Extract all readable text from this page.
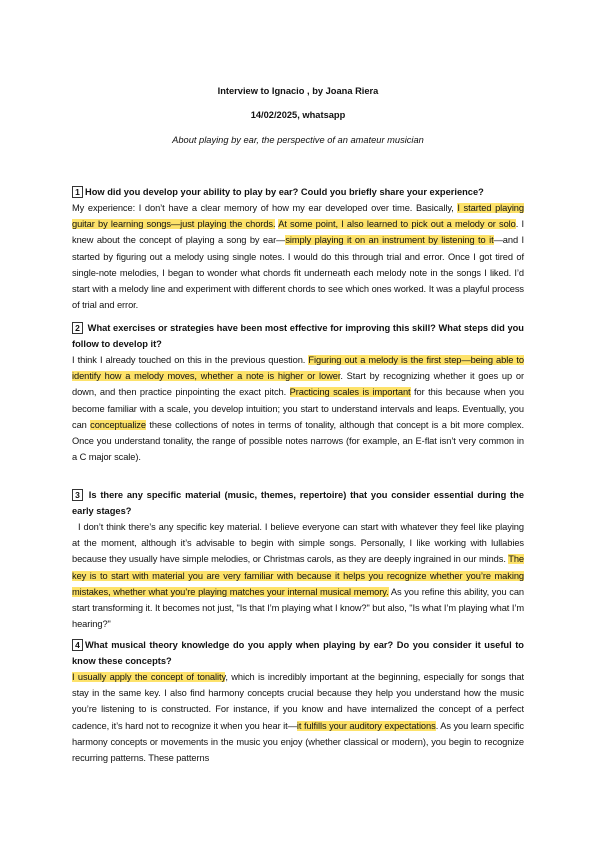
Interview to Ignacio , by Joana Riera
14/02/2025, whatsapp
About playing by ear, the perspective of an amateur musician

1 How did you develop your ability to play by ear? Could you briefly share your experience?

My experience: I don’t have a clear memory of how my ear developed over time. Basically, I started playing guitar by learning songs—just playing the chords. At some point, I also learned to pick out a melody or solo. I knew about the concept of playing a song by ear—simply playing it on an instrument by listening to it—and I started by figuring out a melody using single notes. I would do this through trial and error. Once I got tired of single-note melodies, I began to wonder what chords fit underneath each melody note in the songs I liked. I’d start with a melody line and experiment with different chords to see which ones worked. It was a playful process of trial and error.

2 What exercises or strategies have been most effective for improving this skill? What steps did you follow to develop it?

I think I already touched on this in the previous question. Figuring out a melody is the first step—being able to identify how a melody moves, whether a note is higher or lower. Start by recognizing whether it goes up or down, and then practice pinpointing the exact pitch. Practicing scales is important for this because when you become familiar with a scale, you develop intuition; you start to understand intervals and leaps. Eventually, you can conceptualize these collections of notes in terms of tonality, although that concept is a bit more complex. Once you understand tonality, the range of possible notes narrows (for example, an E-flat isn’t very common in a C major scale).

3 Is there any specific material (music, themes, repertoire) that you consider essential during the early stages?

I don’t think there’s any specific key material. I believe everyone can start with whatever they feel like playing at the moment, although it’s advisable to begin with simple songs. Personally, I like working with lullabies because they usually have simple melodies, or Christmas carols, as they are deeply ingrained in our minds. The key is to start with material you are very familiar with because it helps you recognize whether you’re making mistakes, whether what you’re playing matches your internal musical memory. As you refine this ability, you can start transforming it. It becomes not just, "Is that I’m playing what I know?" but also, "Is what I’m playing what I’m hearing?"

4 What musical theory knowledge do you apply when playing by ear? Do you consider it useful to know these concepts?

I usually apply the concept of tonality, which is incredibly important at the beginning, especially for songs that stay in the same key. I also find harmony concepts crucial because they help you understand how the music you’re listening to is constructed. For instance, if you know and have internalized the concept of a perfect cadence, it’s hard not to recognize it when you hear it—it fulfills your auditory expectations. As you learn specific harmony concepts or movements in the music you enjoy (whether classical or modern), you begin to recognize recurring patterns. These patterns
